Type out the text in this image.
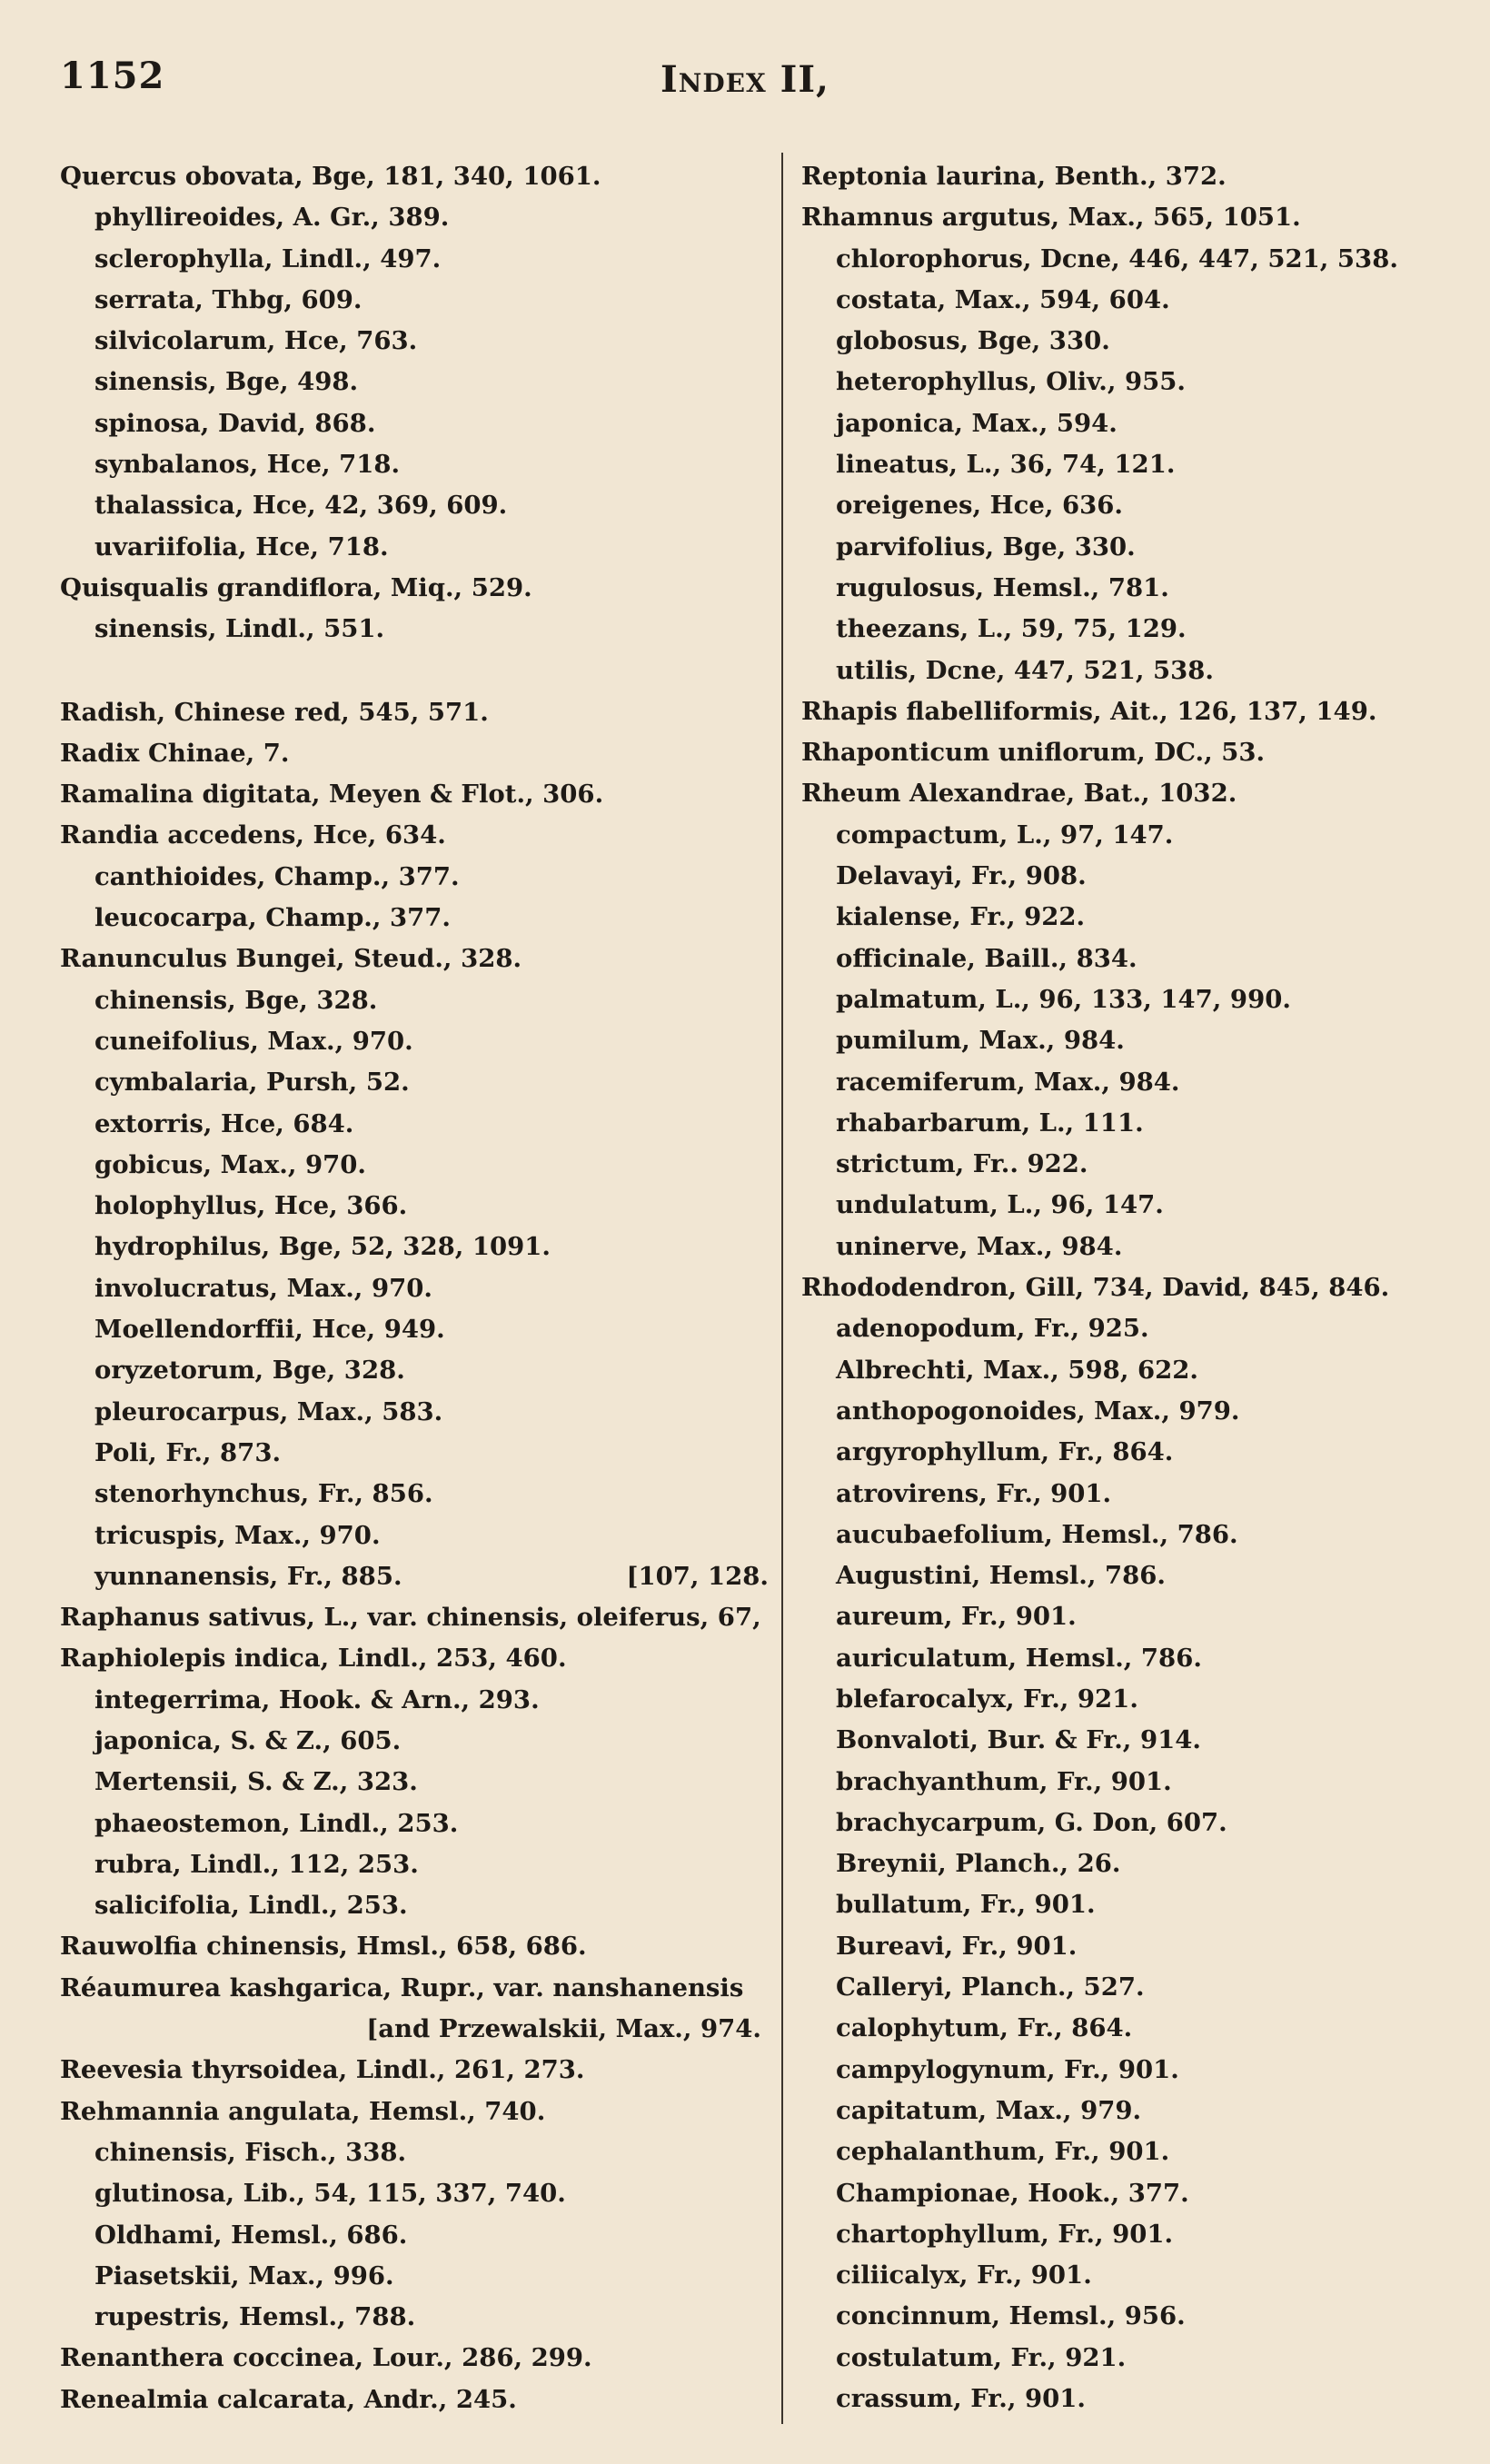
1152	Index II,
Quercus obovata, Bge, 181, 340, 1061.
phyllireoides, A. Gr., 389.
sclerophylla, Lindl., 497.
serrata, Thbg, 609.
silvicolarum, Hce, 763.
sinensis, Bge, 498.
spinosa, David, 868.
synbalanos, Hce, 718.
thalassica, Hce, 42, 369, 609.
uvariifolia, Hce, 718.
Quisqualis grandiflora, Miq., 529.
sinensis, Lindl., 551.
Radish, Chinese red, 545, 571.
Radix Chinae, 7.
Ramalina digitata, Meyen & Flot., 306.
Randia accedens, Hce, 634.
canthioides, Champ., 377.
leucocarpa, Champ., 377.
Ranunculus Bungei, Steud., 328.
chinensis, Bge, 328.
cuneifolius, Max., 970.
cymbalaria, Pursh, 52.
extorris, Hce, 684.
gobicus, Max., 970.
holophyllus, Hce, 366.
hydrophilus, Bge, 52, 328, 1091.
involucratus, Max., 970.
Moellendorffii, Hce, 949.
oryzetorum, Bge, 328.
pleurocarpus, Max., 583.
Poli, Fr., 873.
stenorhynchus, Fr., 856.
tricuspis, Max., 970.
yunnanensis, Fr., 885.	[107, 128.
Raphanus sativus, L., var. chinensis, oleiferus, 67,
Raphiolepis indica, Lindl., 253, 460.
integerrima, Hook. & Arn., 293.
japonica, S. & Z., 605.
Mertensii, S. & Z., 323.
phaeostemon, Lindl., 253.
rubra, Lindl., 112, 253.
salicifolia, Lindl., 253.
Rauwolfia chinensis, Hmsl., 658, 686.
Réaumurea kashgarica, Rupr., var. nanshanensis
[and Przewalskii, Max., 974.
Reevesia thyrsoidea, Lindl., 261, 273.
Rehmannia angulata, Hemsl., 740.
chinensis, Fisch., 338.
glutinosa, Lib., 54, 115, 337, 740.
Oldhami, Hemsl., 686.
Piasetskii, Max., 996.
rupestris, Hemsl., 788.
Renanthera coccinea, Lour., 286, 299.
Renealmia calcarata, Andr., 245.
Reptonia laurina, Benth., 372.
Rhamnus argutus, Max., 565, 1051.
chlorophorus, Dcne, 446, 447, 521, 538.
costata, Max., 594, 604.
globosus, Bge, 330.
heterophyllus, Oliv., 955.
japonica, Max., 594.
lineatus, L., 36, 74, 121.
oreigenes, Hce, 636.
parvifolius, Bge, 330.
rugulosus, Hemsl., 781.
theezans, L., 59, 75, 129.
utilis, Dcne, 447, 521, 538.
Rhapis flabelliformis, Ait., 126, 137, 149.
Rhaponticum uniflorum, DC., 53.
Rheum Alexandrae, Bat., 1032.
compactum, L., 97, 147.
Delavayi, Fr., 908.
kialense, Fr., 922.
officinale, Baill., 834.
palmatum, L., 96, 133, 147, 990.
pumilum, Max., 984.
racemiferum, Max., 984.
rhabarbarum, L., 111.
strictum, Fr.. 922.
undulatum, L., 96, 147.
uninerve, Max., 984.
Rhododendron, Gill, 734, David, 845, 846.
adenopodum, Fr., 925.
Albrechti, Max., 598, 622.
anthopogonoides, Max., 979.
argyrophyllum, Fr., 864.
atrovirens, Fr., 901.
aucubaefolium, Hemsl., 786.
Augustini, Hemsl., 786.
aureum, Fr., 901.
auriculatum, Hemsl., 786.
blefarocalyx, Fr., 921.
Bonvaloti, Bur. & Fr., 914.
brachyanthum, Fr., 901.
brachycarpum, G. Don, 607.
Breynii, Planch., 26.
bullatum, Fr., 901.
Bureavi, Fr., 901.
Calleryi, Planch., 527.
calophytum, Fr., 864.
campylogynum, Fr., 901.
capitatum, Max., 979.
cephalanthum, Fr., 901.
Championae, Hook., 377.
chartophyllum, Fr., 901.
ciliicalyx, Fr., 901.
concinnum, Hemsl., 956.
costulatum, Fr., 921.
crassum, Fr., 901.
